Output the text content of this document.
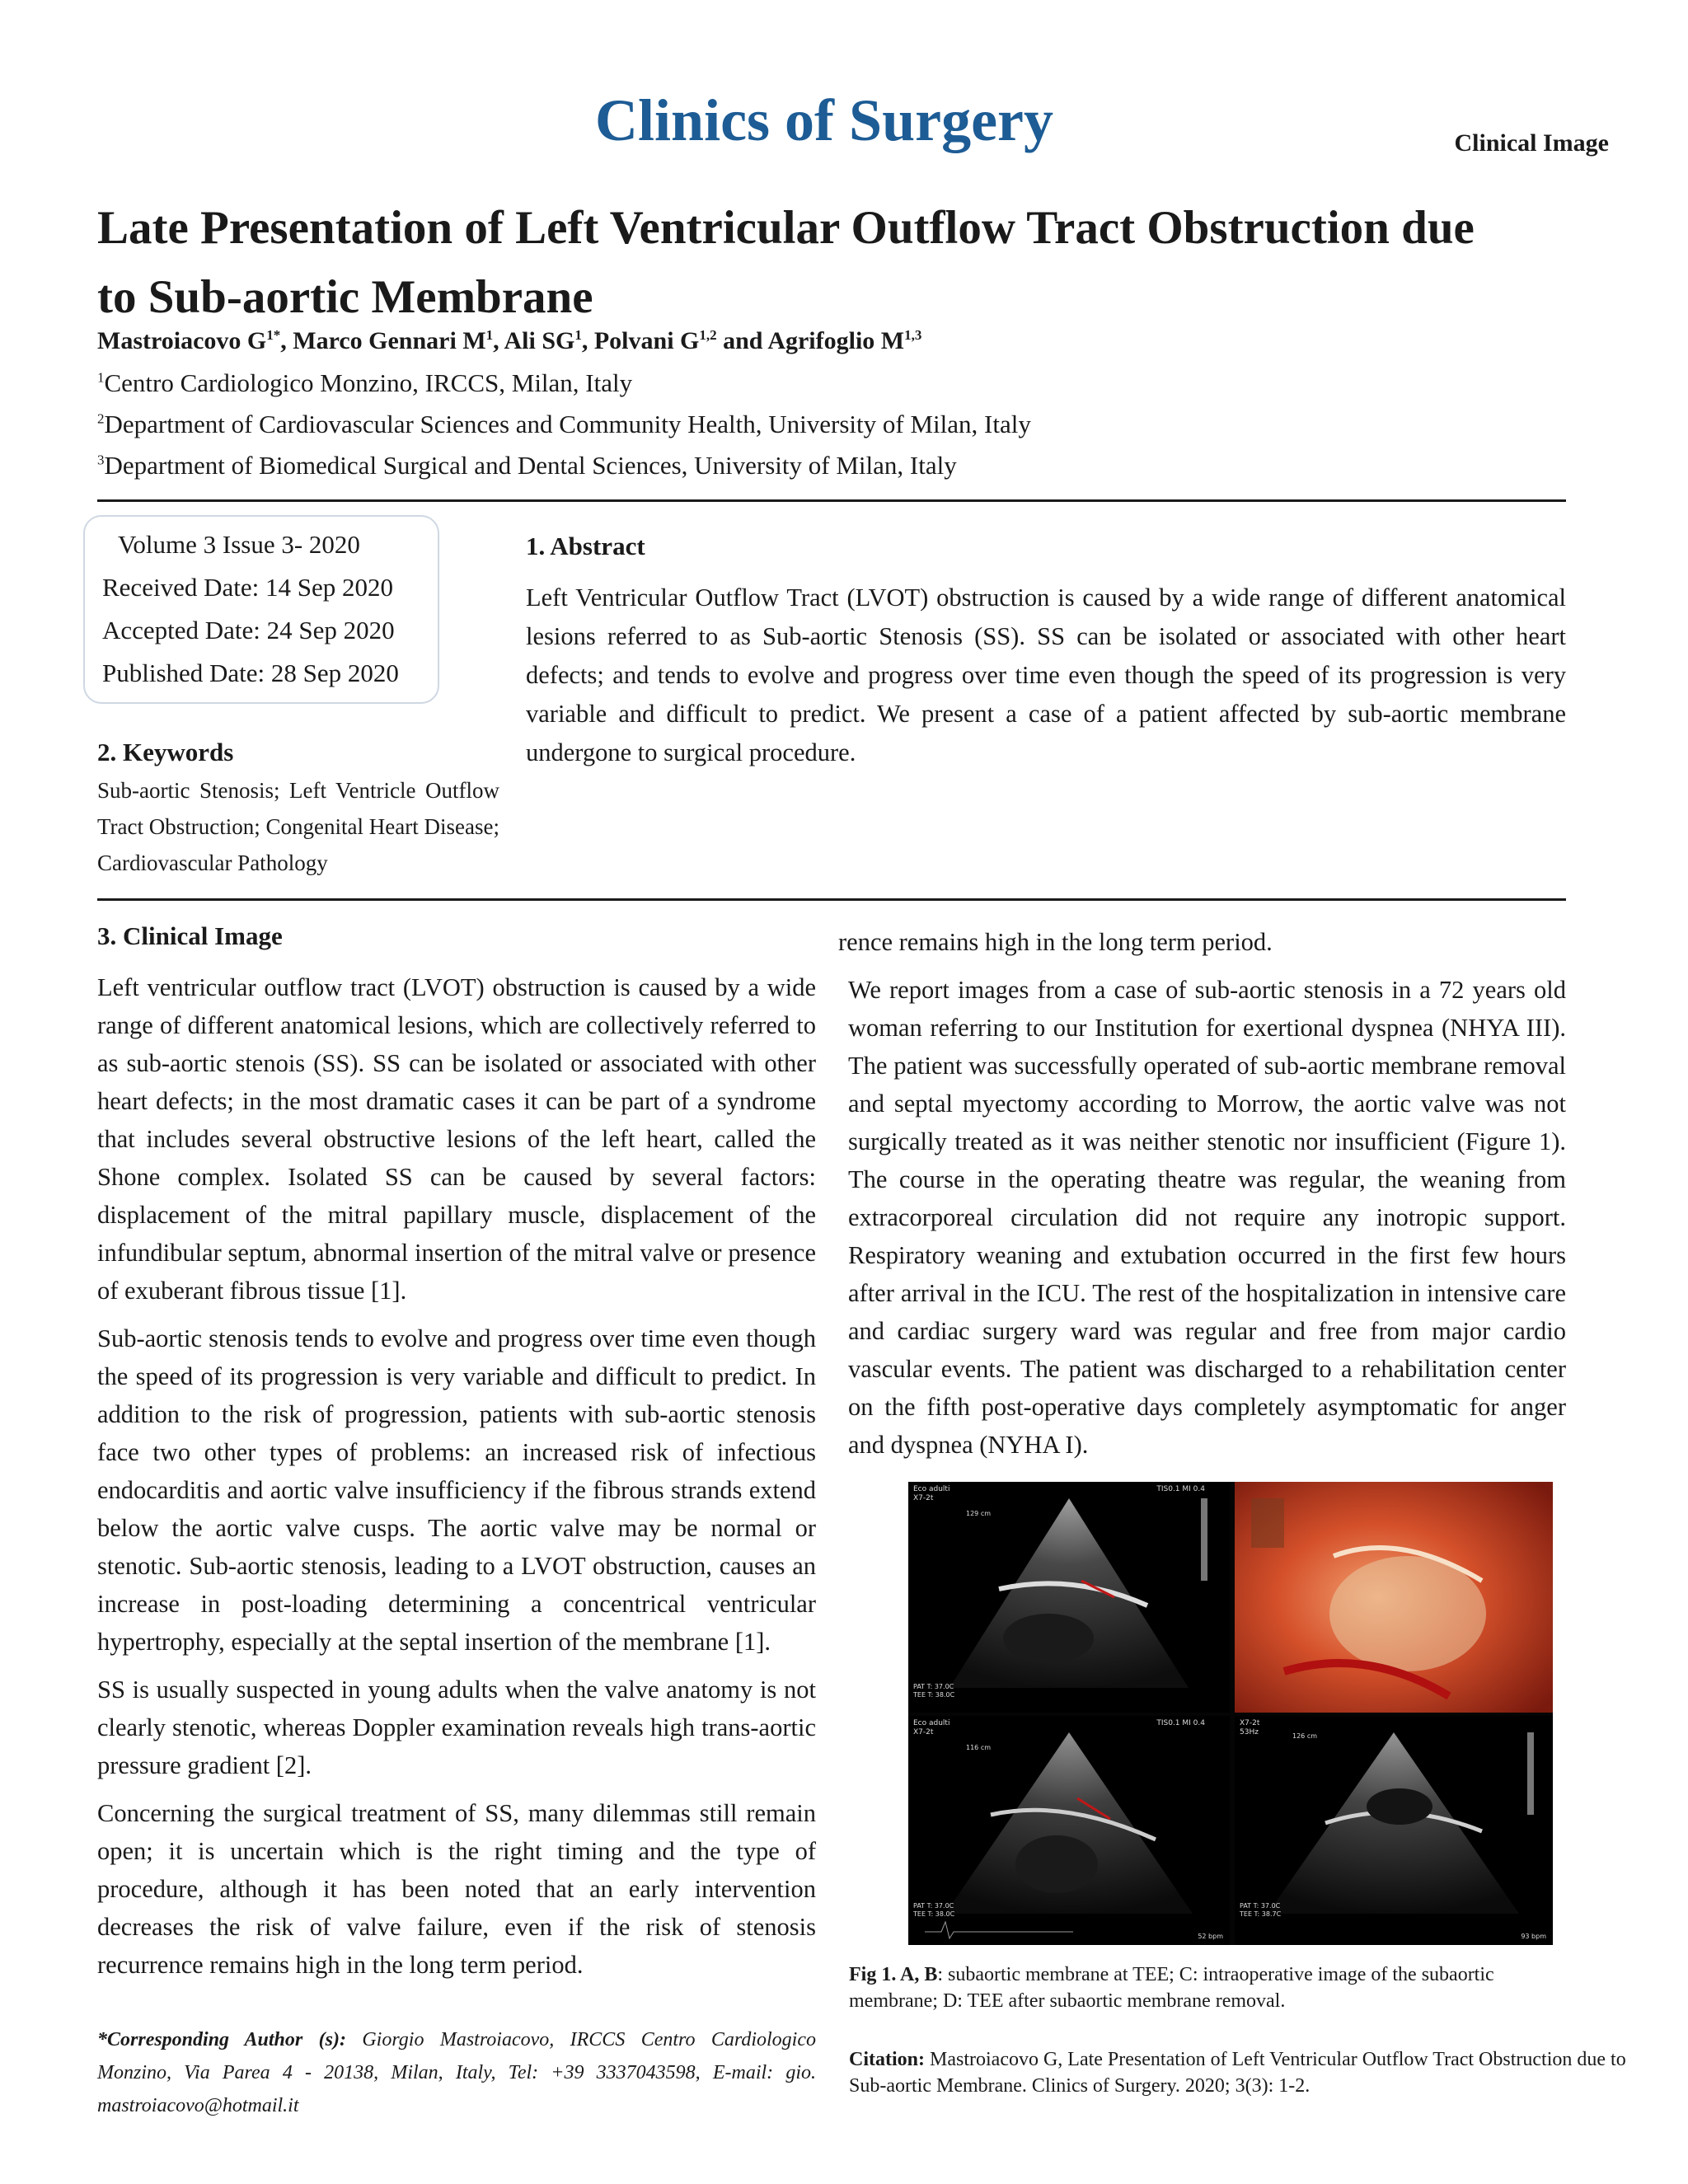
Clinics of Surgery	Clinical Image
Late Presentation of Left Ventricular Outflow Tract Obstruction due
to Sub-aortic Membrane
Mastroiacovo $G^{1*}$, Marco Gennari $M^1$, Ali $SG^1$, Polvani G$^{1,2}$ and Agrifoglio M$^{1,3}$
$^1$Centro Cardiologico Monzino, IRCCS, Milan, Italy
$^2$Department of Cardiovascular Sciences and Community Health, University of Milan, Italy
$^3$Department of Biomedical Surgical and Dental Sciences, University of Milan, Italy
Volume 3 Issue 3- 2020
Received Date: 14 Sep 2020
Accepted Date: 24 Sep 2020
Published Date: 28 Sep 2020
2. Keywords
Sub-aortic Stenosis; Left Ventricle Outflow Tract Obstruction; Congenital Heart Disease; Cardiovascular Pathology
1. Abstract
Left Ventricular Outflow Tract (LVOT) obstruction is caused by a wide range of different anatomical lesions referred to as Sub-aortic Stenosis (SS). SS can be isolated or associated with other heart defects; and tends to evolve and progress over time even though the speed of its progression is very variable and difficult to predict. We present a case of a patient affected by sub-aortic membrane undergone to surgical procedure.
3. Clinical Image

Left ventricular outflow tract (LVOT) obstruction is caused by a wide range of different anatomical lesions, which are collectively referred to as sub-aortic stenois (SS). SS can be isolated or associated with other heart defects; in the most dramatic cases it can be part of a syndrome that includes several obstructive lesions of the left heart, called the Shone complex. Isolated SS can be caused by several factors: displacement of the mitral papillary muscle, displacement of the infundibular septum, abnormal insertion of the mitral valve or presence of exuberant fibrous tissue [1].

Sub-aortic stenosis tends to evolve and progress over time even though the speed of its progression is very variable and difficult to predict. In addition to the risk of progression, patients with sub-aortic stenosis face two other types of problems: an increased risk of infectious endocarditis and aortic valve insufficiency if the fibrous strands extend below the aortic valve cusps. The aortic valve may be normal or stenotic. Sub-aortic stenosis, leading to a LVOT obstruction, causes an increase in post-loading determining a concentrical ventricular hypertrophy, especially at the septal insertion of the membrane [1].

SS is usually suspected in young adults when the valve anatomy is not clearly stenotic, whereas Doppler examination reveals high trans-aortic pressure gradient [2].

Concerning the surgical treatment of SS, many dilemmas still remain open; it is uncertain which is the right timing and the type of procedure, although it has been noted that an early intervention decreases the risk of valve failure, even if the risk of stenosis recurrence remains high in the long term period.

rence remains high in the long term period.

We report images from a case of sub-aortic stenosis in a 72 years old woman referring to our Institution for exertional dyspnea (NHYA III). The patient was successfully operated of sub-aortic membrane removal and septal myectomy according to Morrow, the aortic valve was not surgically treated as it was neither stenotic nor insufficient (Figure 1). The course in the operating theatre was regular, the weaning from extracorporeal circulation did not require any inotropic support. Respiratory weaning and extubation occurred in the first few hours after arrival in the ICU. The rest of the hospitalization in intensive care and cardiac surgery ward was regular and free from major cardio vascular events. The patient was discharged to a rehabilitation center on the fifth post-operative days completely asymptomatic for anger and dyspnea (NYHA I).

Eco adulti
X7-2t
TIS0.1 MI 0.4
129 cm
PAT T: 37.0C
TEE T: 38.0C
Eco adulti
X7-2t
TIS0.1 MI 0.4
116 cm
PAT T: 37.0C
TEE T: 38.0C
52 bpm
X7-2t
53Hz	126 cm
PAT T: 37.0C
TEE T: 38.7C
93 bpm
Fig 1. A, B: subaortic membrane at TEE; C: intraoperative image of the subaortic membrane; D: TEE after subaortic membrane removal.
*Corresponding Author (s): Giorgio Mastroiacovo, IRCCS Centro Cardiologico Monzino, Via Parea 4 - 20138, Milan, Italy, Tel: +39 3337043598, E-mail: gio. mastroiacovo@hotmail.it
Citation: Mastroiacovo G, Late Presentation of Left Ventricular Outflow Tract Obstruction due to Sub-aortic Membrane. Clinics of Surgery. 2020; 3(3): 1-2.
